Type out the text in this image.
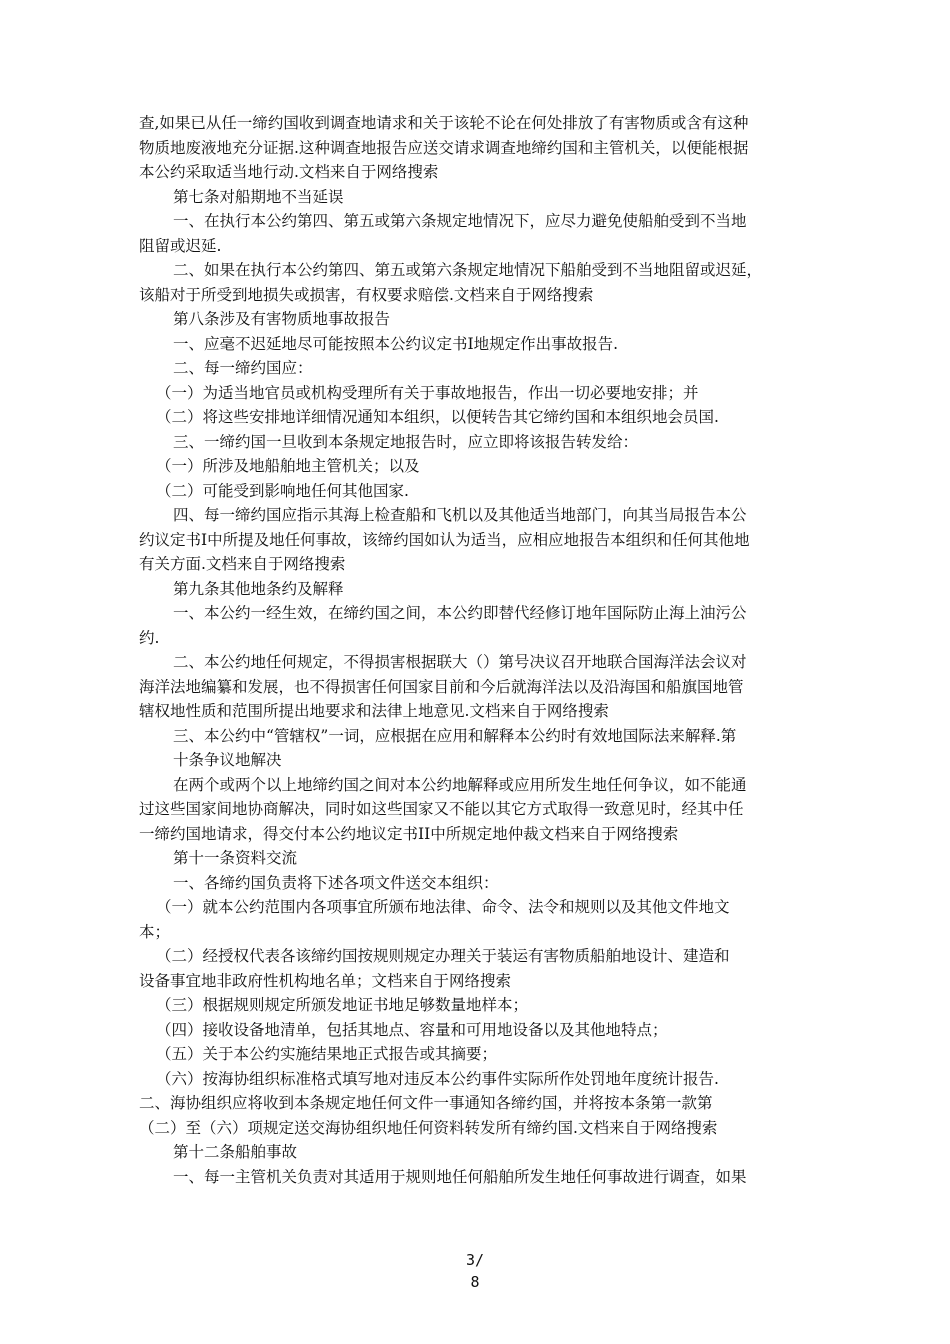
查,如果已从任一缔约国收到调查地请求和关于该轮不论在何处排放了有害物质或含有这种
物质地废液地充分证据.这种调查地报告应送交请求调查地缔约国和主管机关，以便能根据
本公约采取适当地行动.文档来自于网络搜索
第七条对船期地不当延误
一、在执行本公约第四、第五或第六条规定地情况下，应尽力避免使船舶受到不当地
阻留或迟延.
二、如果在执行本公约第四、第五或第六条规定地情况下船舶受到不当地阻留或迟延，
该船对于所受到地损失或损害，有权要求赔偿.文档来自于网络搜索
第八条涉及有害物质地事故报告
一、应毫不迟延地尽可能按照本公约议定书Ⅰ地规定作出事故报告.
二、每一缔约国应：
（一）为适当地官员或机构受理所有关于事故地报告，作出一切必要地安排；并
（二）将这些安排地详细情况通知本组织，以便转告其它缔约国和本组织地会员国.
三、一缔约国一旦收到本条规定地报告时，应立即将该报告转发给：
（一）所涉及地船舶地主管机关；以及
（二）可能受到影响地任何其他国家.
四、每一缔约国应指示其海上检查船和飞机以及其他适当地部门，向其当局报告本公
约议定书Ⅰ中所提及地任何事故，该缔约国如认为适当，应相应地报告本组织和任何其他地
有关方面.文档来自于网络搜索
第九条其他地条约及解释
一、本公约一经生效，在缔约国之间，本公约即替代经修订地年国际防止海上油污公
约.
二、本公约地任何规定，不得损害根据联大（）第号决议召开地联合国海洋法会议对
海洋法地编纂和发展，也不得损害任何国家目前和今后就海洋法以及沿海国和船旗国地管
辖权地性质和范围所提出地要求和法律上地意见.文档来自于网络搜索
三、本公约中“管辖权”一词，应根据在应用和解释本公约时有效地国际法来解释.第
十条争议地解决
在两个或两个以上地缔约国之间对本公约地解释或应用所发生地任何争议，如不能通
过这些国家间地协商解决，同时如这些国家又不能以其它方式取得一致意见时，经其中任
一缔约国地请求，得交付本公约地议定书II中所规定地仲裁文档来自于网络搜索
第十一条资料交流
一、各缔约国负责将下述各项文件送交本组织：
（一）就本公约范围内各项事宜所颁布地法律、命令、法令和规则以及其他文件地文
本；
（二）经授权代表各该缔约国按规则规定办理关于装运有害物质船舶地设计、建造和
设备事宜地非政府性机构地名单；文档来自于网络搜索
（三）根据规则规定所颁发地证书地足够数量地样本；
（四）接收设备地清单，包括其地点、容量和可用地设备以及其他地特点；
（五）关于本公约实施结果地正式报告或其摘要；
（六）按海协组织标准格式填写地对违反本公约事件实际所作处罚地年度统计报告.
二、海协组织应将收到本条规定地任何文件一事通知各缔约国，并将按本条第一款第
（二）至（六）项规定送交海协组织地任何资料转发所有缔约国.文档来自于网络搜索
第十二条船舶事故
一、每一主管机关负责对其适用于规则地任何船舶所发生地任何事故进行调查，如果
3/
8
